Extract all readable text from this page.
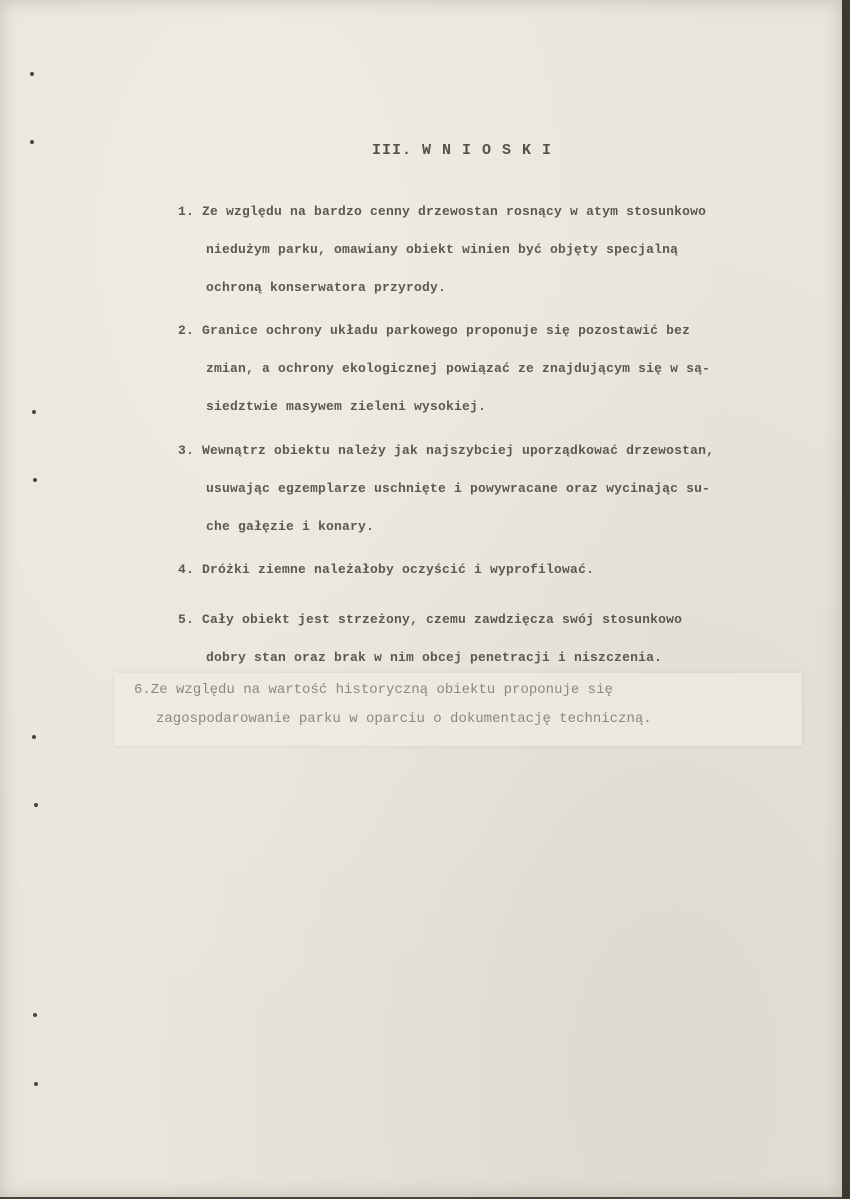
III. W N I O S K I
1. Ze względu na bardzo cenny drzewostan rosnący w atym stosunkowo
niedużym parku, omawiany obiekt winien być objęty specjalną
ochroną konserwatora przyrody.
2. Granice ochrony układu parkowego proponuje się pozostawić bez
zmian, a ochrony ekologicznej powiązać ze znajdującym się w są-
siedztwie masywem zieleni wysokiej.
3. Wewnątrz obiektu należy jak najszybciej uporządkować drzewostan,
usuwając egzemplarze uschnięte i powywracane oraz wycinając su-
che gałęzie i konary.
4. Dróżki ziemne należałoby oczyścić i wyprofilować.
5. Cały obiekt jest strzeżony, czemu zawdzięcza swój stosunkowo
dobry stan oraz brak w nim obcej penetracji i niszczenia.
6.Ze względu na wartość historyczną obiektu proponuje się
zagospodarowanie parku w oparciu o dokumentację techniczną.
